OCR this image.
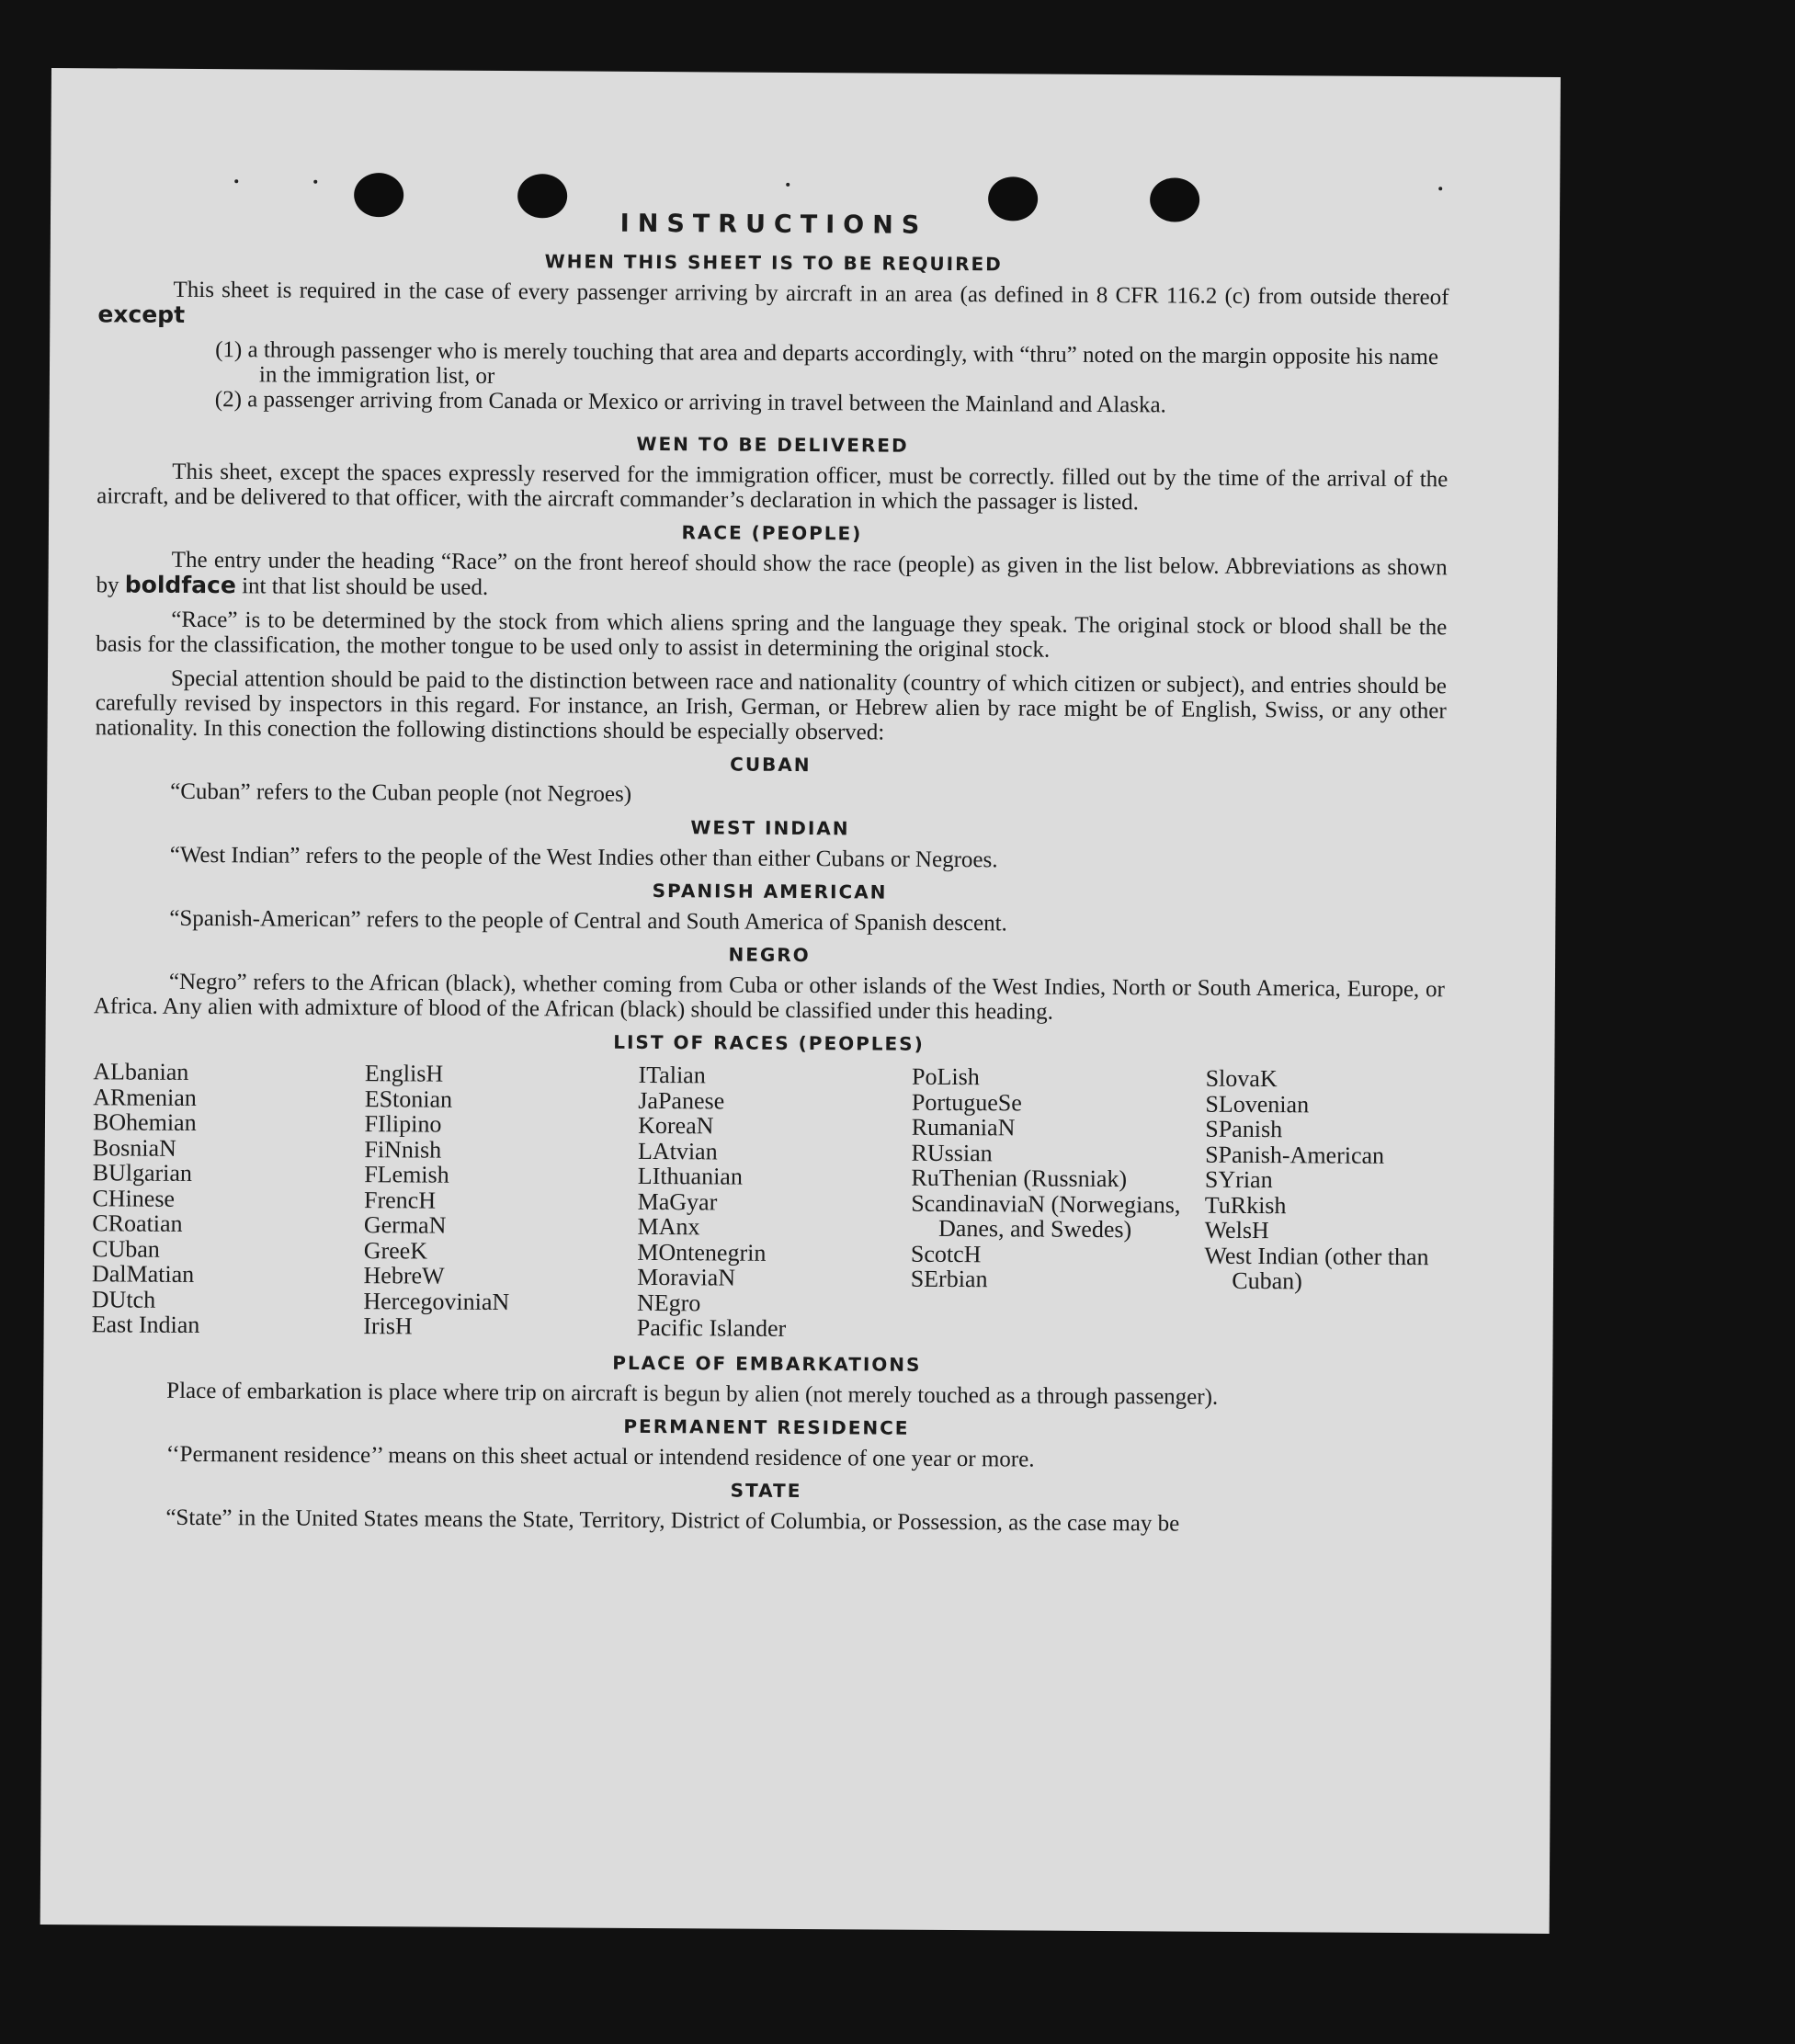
INSTRUCTIONS
WHEN THIS SHEET IS TO BE REQUIRED

This sheet is required in the case of every passenger arriving by aircraft in an area (as defined in 8 CFR 116.2 (c) from outside thereof except

(1) a through passenger who is merely touching that area and departs accordingly, with “thru” noted on the margin opposite his name in the immigration list, or

(2) a passenger arriving from Canada or Mexico or arriving in travel between the Mainland and Alaska.

WEN TO BE DELIVERED

This sheet, except the spaces expressly reserved for the immigration officer, must be correctly. filled out by the time of the arrival of the aircraft, and be delivered to that officer, with the aircraft commander’s declaration in which the passager is listed.

RACE (PEOPLE)

The entry under the heading “Race” on the front hereof should show the race (people) as given in the list below. Abbreviations as shown by boldface int that list should be used.

“Race” is to be determined by the stock from which aliens spring and the language they speak. The original stock or blood shall be the basis for the classification, the mother tongue to be used only to assist in determining the original stock.

Special attention should be paid to the distinction between race and nationality (country of which citizen or subject), and entries should be carefully revised by inspectors in this regard. For instance, an Irish, German, or Hebrew alien by race might be of English, Swiss, or any other nationality. In this conection the following distinctions should be especially observed:

CUBAN

“Cuban” refers to the Cuban people (not Negroes)

WEST INDIAN

“West Indian” refers to the people of the West Indies other than either Cubans or Negroes.

SPANISH AMERICAN

“Spanish-American” refers to the people of Central and South America of Spanish descent.

NEGRO

“Negro” refers to the African (black), whether coming from Cuba or other islands of the West Indies, North or South America, Europe, or Africa. Any alien with admixture of blood of the African (black) should be classified under this heading.

LIST OF RACES (PEOPLES)
ALbanian
ARmenian
BOhemian
BosniaN
BUlgarian
CHinese
CRoatian
CUban
DalMatian
DUtch
East Indian
EnglisH
EStonian
FIlipino
FiNnish
FLemish
FrencH
GermaN
GreeK
HebreW
HercegoviniaN
IrisH
ITalian
JaPanese
KoreaN
LAtvian
LIthuanian
MaGyar
MAnx
MOntenegrin
MoraviaN
NEgro
Pacific Islander
PoLish
PortugueSe
RumaniaN
RUssian
RuThenian (Russniak)
ScandinaviaN (Norwegians, Danes, and Swedes)
ScotcH
SErbian
SlovaK
SLovenian
SPanish
SPanish-American
SYrian
TuRkish
WelsH
West Indian (other than Cuban)
PLACE OF EMBARKATIONS

Place of embarkation is place where trip on aircraft is begun by alien (not merely touched as a through passenger).

PERMANENT RESIDENCE

‘‘Permanent residence’’ means on this sheet actual or intendend residence of one year or more.

STATE

“State” in the United States means the State, Territory, District of Columbia, or Possession, as the case may be
